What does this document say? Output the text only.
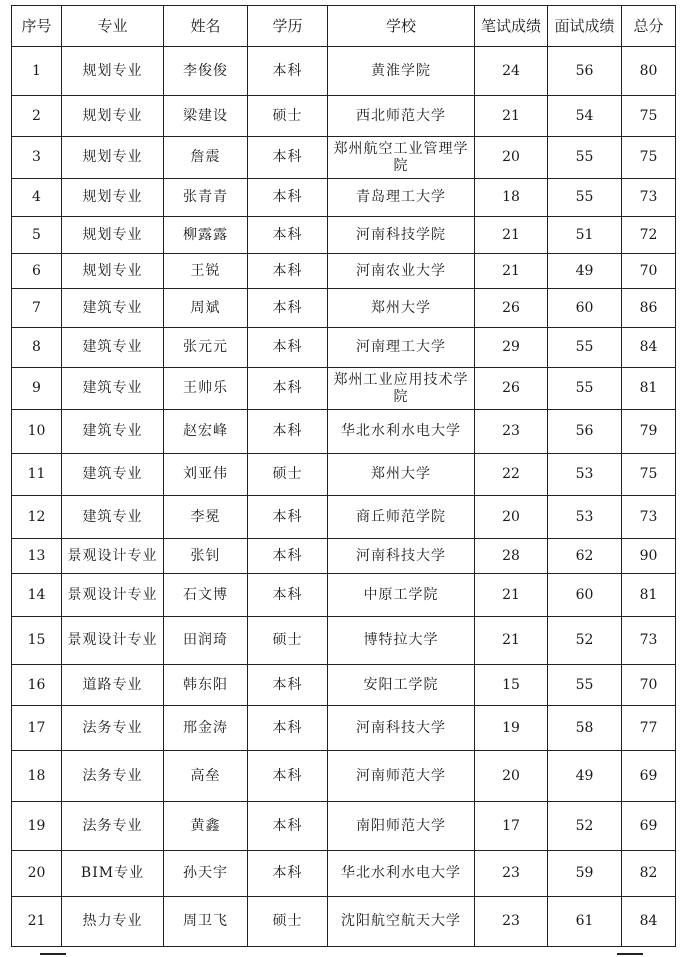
序号	专业	姓名	学历	学校	笔试成绩	面试成绩	总分
1	规划专业	李俊俊	本科	黄淮学院	24	56	80
2	规划专业	梁建设	硕士	西北师范大学	21	54	75
3	规划专业	詹震	本科	郑州航空工业管理学院	20	55	75
4	规划专业	张青青	本科	青岛理工大学	18	55	73
5	规划专业	柳露露	本科	河南科技学院	21	51	72
6	规划专业	王锐	本科	河南农业大学	21	49	70
7	建筑专业	周斌	本科	郑州大学	26	60	86
8	建筑专业	张元元	本科	河南理工大学	29	55	84
9	建筑专业	王帅乐	本科	郑州工业应用技术学院	26	55	81
10	建筑专业	赵宏峰	本科	华北水利水电大学	23	56	79
11	建筑专业	刘亚伟	硕士	郑州大学	22	53	75
12	建筑专业	李冕	本科	商丘师范学院	20	53	73
13	景观设计专业	张钊	本科	河南科技大学	28	62	90
14	景观设计专业	石文博	本科	中原工学院	21	60	81
15	景观设计专业	田润琦	硕士	博特拉大学	21	52	73
16	道路专业	韩东阳	本科	安阳工学院	15	55	70
17	法务专业	邢金涛	本科	河南科技大学	19	58	77
18	法务专业	高垒	本科	河南师范大学	20	49	69
19	法务专业	黄鑫	本科	南阳师范大学	17	52	69
20	BIM专业	孙天宇	本科	华北水利水电大学	23	59	82
21	热力专业	周卫飞	硕士	沈阳航空航天大学	23	61	84
